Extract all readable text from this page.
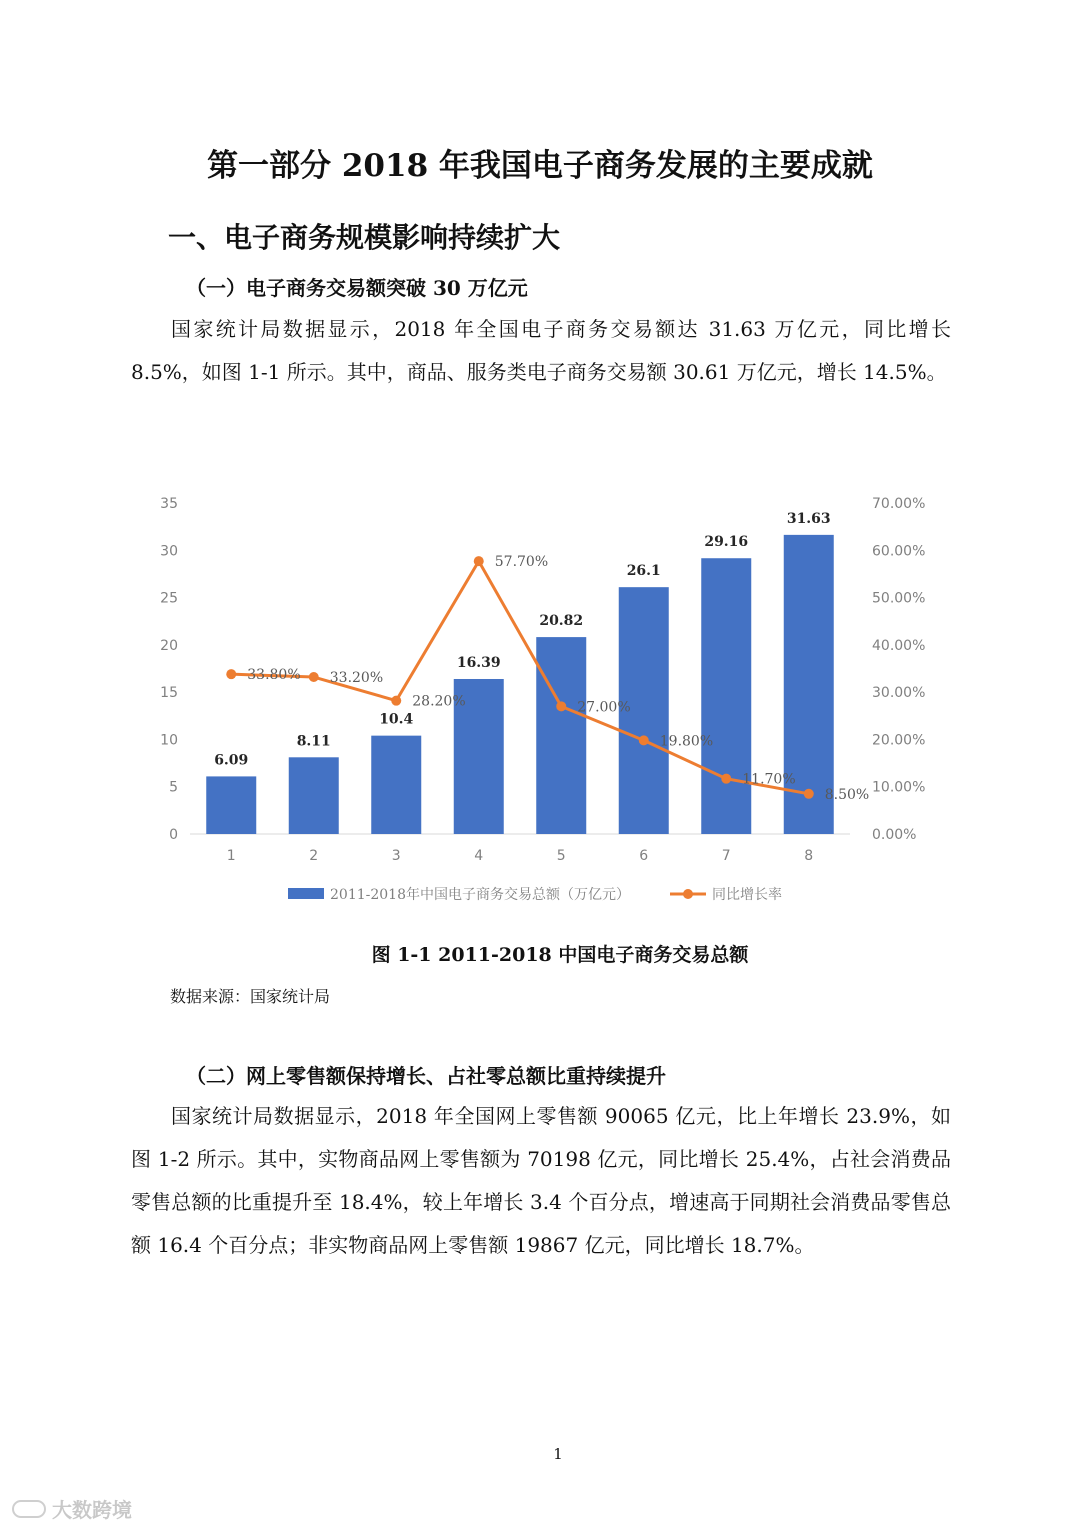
第一部分 2018 年我国电子商务发展的主要成就
一、电子商务规模影响持续扩大
（一）电子商务交易额突破 30 万亿元

国家统计局数据显示，2018 年全国电子商务交易额达 31.63 万亿元，同比增长 8.5%，如图 1-1 所示。其中，商品、服务类电子商务交易额 30.61 万亿元，增长 14.5%。

0
5
10
15
20
25
30
35
0.00%
10.00%
20.00%
30.00%
40.00%
50.00%
60.00%
70.00%
6.09
8.11
10.4
16.39
20.82
26.1
29.16
31.63
1	2	3	4	5	6	7	8
33.80% 33.20%
28.20%
57.70%
27.00%
19.80%
11.70%
8.50%
2011-2018年中国电子商务交易总额（万亿元）	同比增长率
图 1-1 2011-2018 中国电子商务交易总额
数据来源：国家统计局
（二）网上零售额保持增长、占社零总额比重持续提升

国家统计局数据显示，2018 年全国网上零售额 90065 亿元，比上年增长 23.9%，如图 1-2 所示。其中，实物商品网上零售额为 70198 亿元，同比增长 25.4%，占社会消费品零售总额的比重提升至 18.4%，较上年增长 3.4 个百分点，增速高于同期社会消费品零售总额 16.4 个百分点；非实物商品网上零售额 19867 亿元，同比增长 18.7%。

1
大数跨境
